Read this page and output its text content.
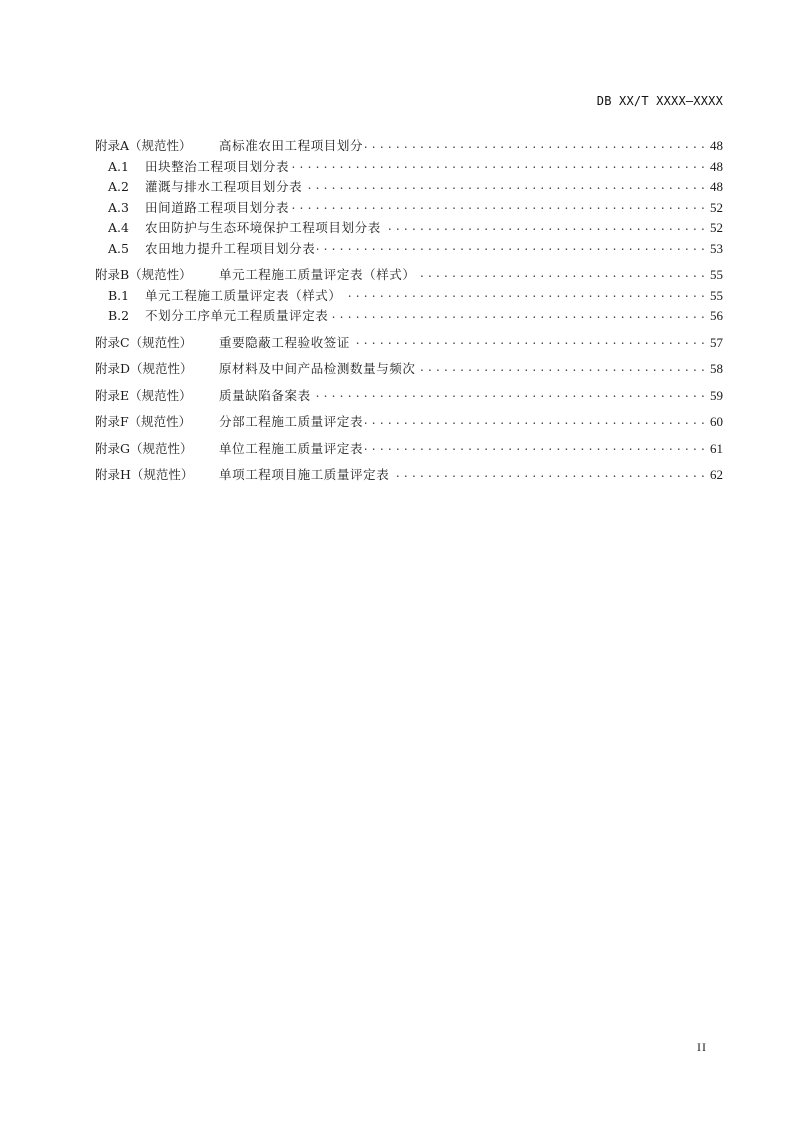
DB XX/T XXXX—XXXX
附录A（规范性）	高标准农田工程项目划分 . . .	48
A.1	田块整治工程项目划分表 . . .	48
A.2	灌溉与排水工程项目划分表 . . .	48
A.3	田间道路工程项目划分表 . . .	52
A.4	农田防护与生态环境保护工程项目划分表 . . .	52
A.5	农田地力提升工程项目划分表 . . .	53
附录B（规范性）	单元工程施工质量评定表（样式） . . .	55
B.1	单元工程施工质量评定表（样式） . . .	55
B.2	不划分工序单元工程质量评定表 . . .	56
附录C（规范性）	重要隐蔽工程验收签证 . . .	57
附录D（规范性）	原材料及中间产品检测数量与频次 . . .	58
附录E（规范性）	质量缺陷备案表 . . .	59
附录F（规范性）	分部工程施工质量评定表 . . .	60
附录G（规范性）	单位工程施工质量评定表 . . .	61
附录H（规范性）	单项工程项目施工质量评定表 . . .	62
II
